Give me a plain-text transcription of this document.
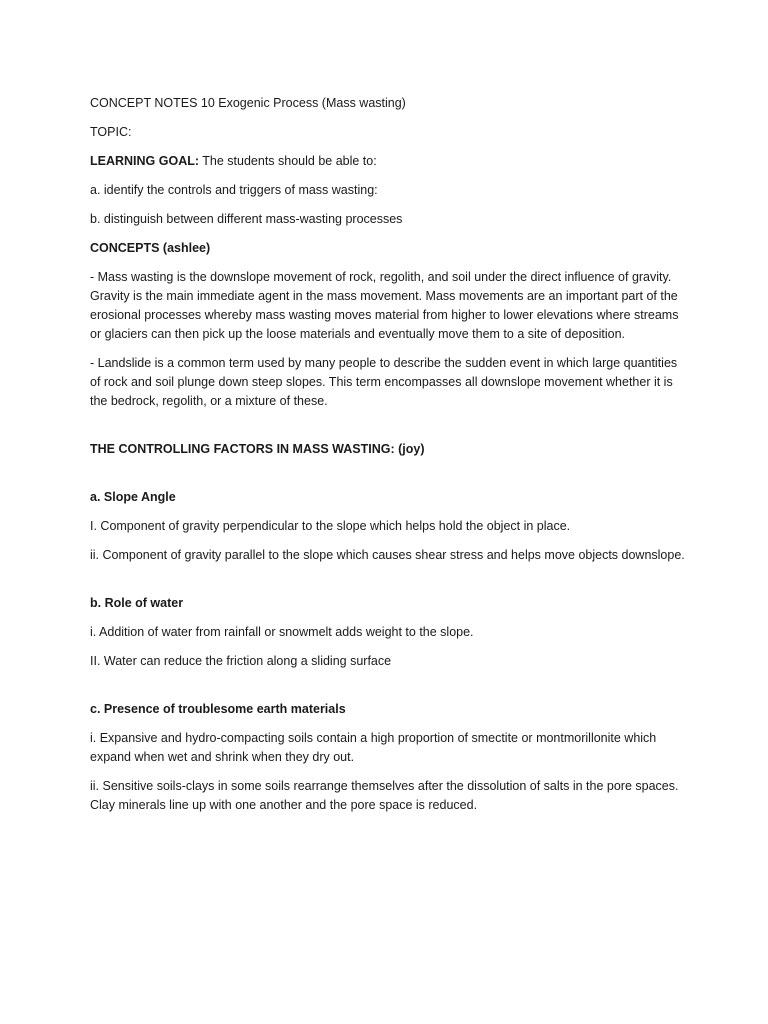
CONCEPT NOTES 10 Exogenic Process (Mass wasting)

TOPIC:

LEARNING GOAL: The students should be able to:

a. identify the controls and triggers of mass wasting:

b. distinguish between different mass-wasting processes

CONCEPTS (ashlee)

- Mass wasting is the downslope movement of rock, regolith, and soil under the direct influence of gravity. Gravity is the main immediate agent in the mass movement. Mass movements are an important part of the erosional processes whereby mass wasting moves material from higher to lower elevations where streams or glaciers can then pick up the loose materials and eventually move them to a site of deposition.

- Landslide is a common term used by many people to describe the sudden event in which large quantities of rock and soil plunge down steep slopes. This term encompasses all downslope movement whether it is the bedrock, regolith, or a mixture of these.

THE CONTROLLING FACTORS IN MASS WASTING: (joy)

a. Slope Angle

I. Component of gravity perpendicular to the slope which helps hold the object in place.

ii. Component of gravity parallel to the slope which causes shear stress and helps move objects downslope.

b. Role of water

i. Addition of water from rainfall or snowmelt adds weight to the slope.

II. Water can reduce the friction along a sliding surface

c. Presence of troublesome earth materials

i. Expansive and hydro-compacting soils contain a high proportion of smectite or montmorillonite which expand when wet and shrink when they dry out.

ii. Sensitive soils-clays in some soils rearrange themselves after the dissolution of salts in the pore spaces. Clay minerals line up with one another and the pore space is reduced.
